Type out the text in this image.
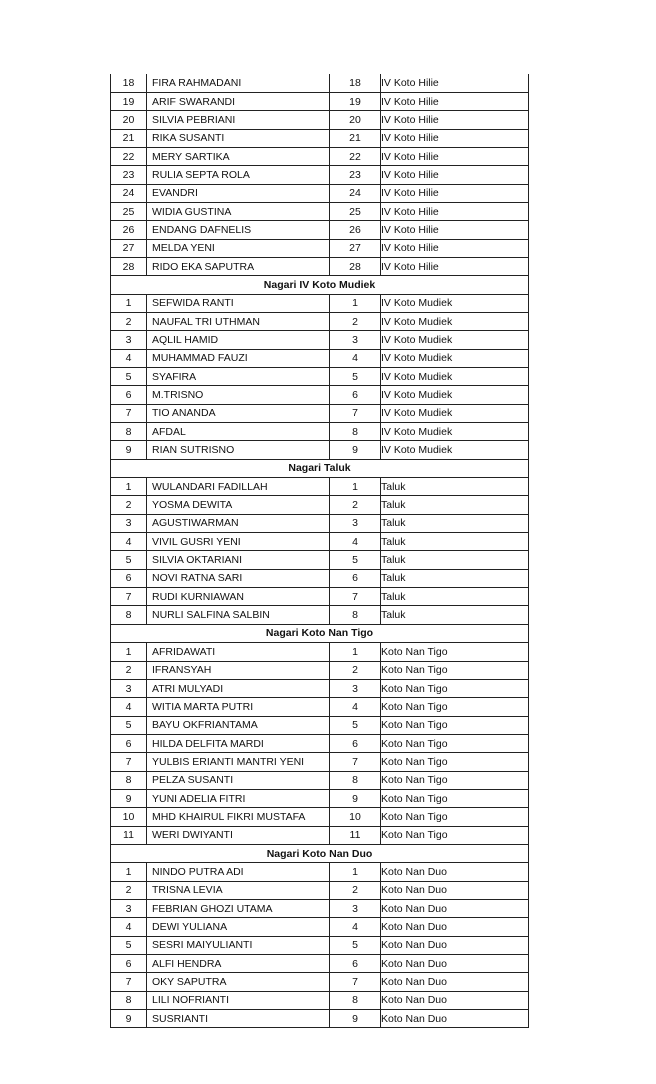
18	FIRA RAHMADANI	18	IV Koto Hilie
19	ARIF SWARANDI	19	IV Koto Hilie
20	SILVIA PEBRIANI	20	IV Koto Hilie
21	RIKA SUSANTI	21	IV Koto Hilie
22	MERY SARTIKA	22	IV Koto Hilie
23	RULIA SEPTA ROLA	23	IV Koto Hilie
24	EVANDRI	24	IV Koto Hilie
25	WIDIA GUSTINA	25	IV Koto Hilie
26	ENDANG DAFNELIS	26	IV Koto Hilie
27	MELDA YENI	27	IV Koto Hilie
28	RIDO EKA SAPUTRA	28	IV Koto Hilie
Nagari IV Koto Mudiek			
1	SEFWIDA RANTI	1	IV Koto Mudiek
2	NAUFAL TRI UTHMAN	2	IV Koto Mudiek
3	AQLIL HAMID	3	IV Koto Mudiek
4	MUHAMMAD FAUZI	4	IV Koto Mudiek
5	SYAFIRA	5	IV Koto Mudiek
6	M.TRISNO	6	IV Koto Mudiek
7	TIO ANANDA	7	IV Koto Mudiek
8	AFDAL	8	IV Koto Mudiek
9	RIAN SUTRISNO	9	IV Koto Mudiek
Nagari Taluk			
1	WULANDARI FADILLAH	1	Taluk
2	YOSMA DEWITA	2	Taluk
3	AGUSTIWARMAN	3	Taluk
4	VIVIL GUSRI YENI	4	Taluk
5	SILVIA OKTARIANI	5	Taluk
6	NOVI RATNA SARI	6	Taluk
7	RUDI KURNIAWAN	7	Taluk
8	NURLI SALFINA SALBIN	8	Taluk
Nagari Koto Nan Tigo			
1	AFRIDAWATI	1	Koto Nan Tigo
2	IFRANSYAH	2	Koto Nan Tigo
3	ATRI MULYADI	3	Koto Nan Tigo
4	WITIA MARTA PUTRI	4	Koto Nan Tigo
5	BAYU OKFRIANTAMA	5	Koto Nan Tigo
6	HILDA DELFITA MARDI	6	Koto Nan Tigo
7	YULBIS ERIANTI MANTRI YENI	7	Koto Nan Tigo
8	PELZA SUSANTI	8	Koto Nan Tigo
9	YUNI ADELIA FITRI	9	Koto Nan Tigo
10	MHD KHAIRUL FIKRI MUSTAFA	10	Koto Nan Tigo
11	WERI DWIYANTI	11	Koto Nan Tigo
Nagari Koto Nan Duo			
1	NINDO PUTRA ADI	1	Koto Nan Duo
2	TRISNA LEVIA	2	Koto Nan Duo
3	FEBRIAN GHOZI UTAMA	3	Koto Nan Duo
4	DEWI YULIANA	4	Koto Nan Duo
5	SESRI MAIYULIANTI	5	Koto Nan Duo
6	ALFI HENDRA	6	Koto Nan Duo
7	OKY SAPUTRA	7	Koto Nan Duo
8	LILI NOFRIANTI	8	Koto Nan Duo
9	SUSRIANTI	9	Koto Nan Duo
